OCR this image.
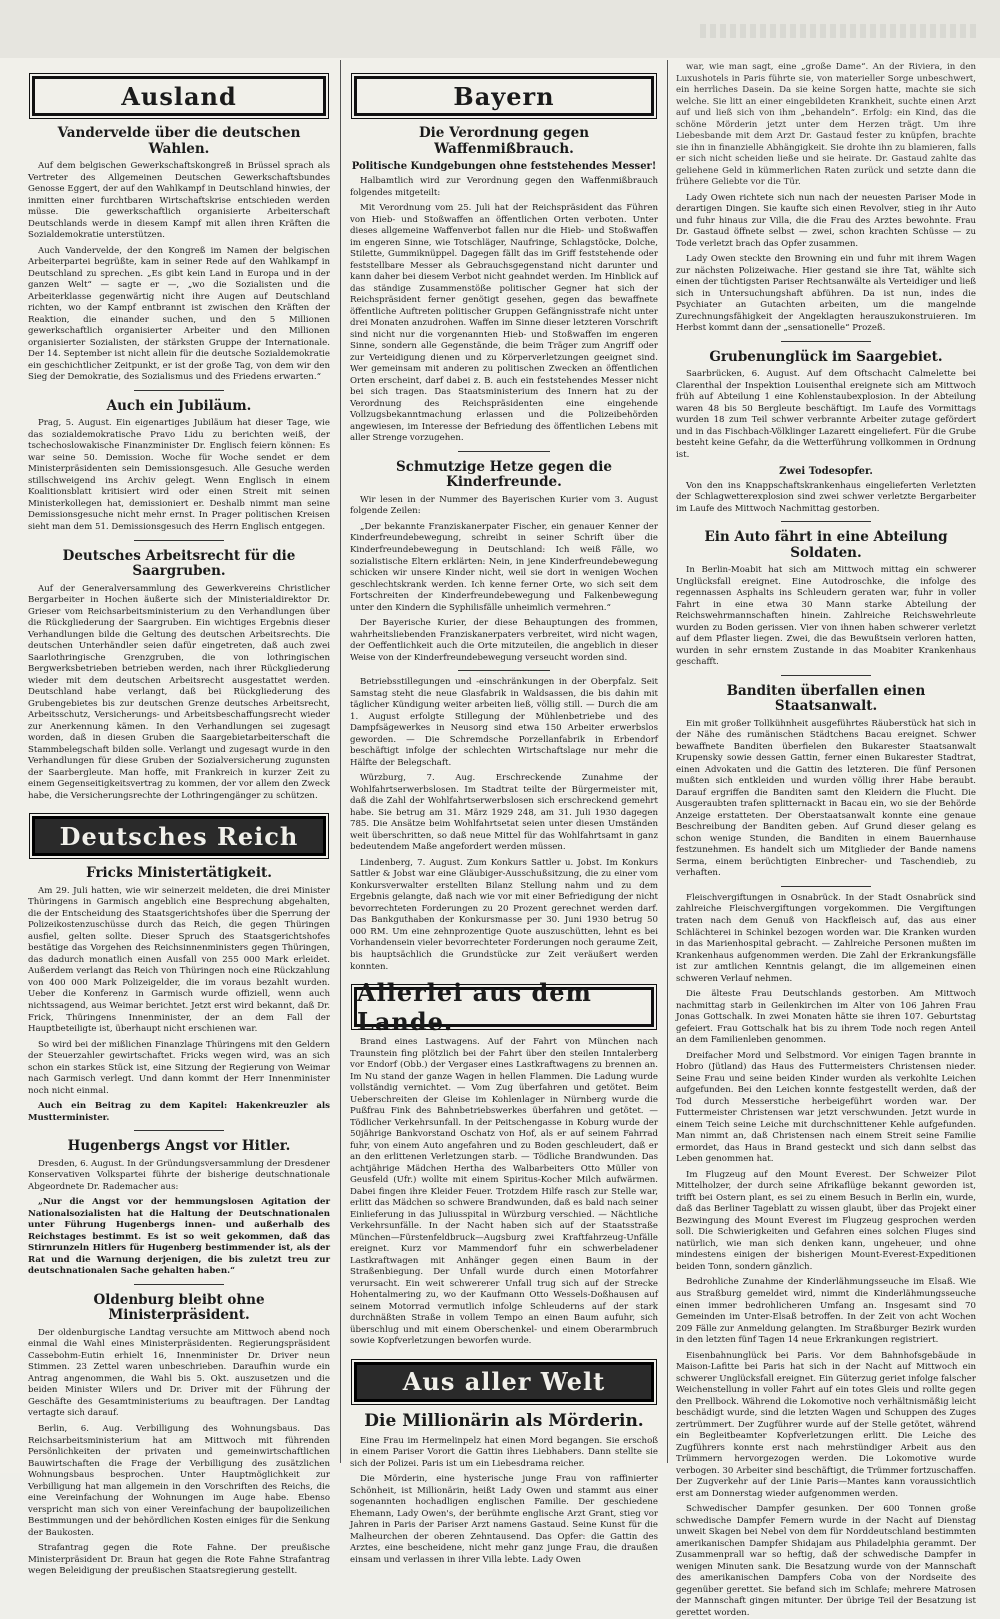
Ausland
Vandervelde über die deutschen Wahlen.

Auf dem belgischen Gewerkschaftskongreß in Brüssel sprach als Vertreter des Allgemeinen Deutschen Gewerkschaftsbundes Genosse Eggert, der auf den Wahlkampf in Deutschland hinwies, der inmitten einer furchtbaren Wirtschaftskrise entschieden werden müsse. Die gewerkschaftlich organisierte Arbeiterschaft Deutschlands werde in diesem Kampf mit allen ihren Kräften die Sozialdemokratie unterstützen.

Auch Vandervelde, der den Kongreß im Namen der belgischen Arbeiterpartei begrüßte, kam in seiner Rede auf den Wahlkampf in Deutschland zu sprechen. „Es gibt kein Land in Europa und in der ganzen Welt“ — sagte er —, „wo die Sozialisten und die Arbeiterklasse gegenwärtig nicht ihre Augen auf Deutschland richten, wo der Kampf entbrannt ist zwischen den Kräften der Reaktion, die einander suchen, und den 5 Millionen gewerkschaftlich organisierter Arbeiter und den Millionen organisierter Sozialisten, der stärksten Gruppe der Internationale. Der 14. September ist nicht allein für die deutsche Sozialdemokratie ein geschichtlicher Zeitpunkt, er ist der große Tag, von dem wir den Sieg der Demokratie, des Sozialismus und des Friedens erwarten.“

Auch ein Jubiläum.

Prag, 5. August. Ein eigenartiges Jubiläum hat dieser Tage, wie das sozialdemokratische Pravo Lidu zu berichten weiß, der tschechoslowakische Finanzminister Dr. Englisch feiern können: Es war seine 50. Demission. Woche für Woche sendet er dem Ministerpräsidenten sein Demissionsgesuch. Alle Gesuche werden stillschweigend ins Archiv gelegt. Wenn Englisch in einem Koalitionsblatt kritisiert wird oder einen Streit mit seinen Ministerkollegen hat, demissioniert er. Deshalb nimmt man seine Demissionsgesuche nicht mehr ernst. In Prager politischen Kreisen sieht man dem 51. Demissionsgesuch des Herrn Englisch entgegen.

Deutsches Arbeitsrecht für die Saargruben.

Auf der Generalversammlung des Gewerkvereins Christlicher Bergarbeiter in Hochen äußerte sich der Ministerialdirektor Dr. Grieser vom Reichsarbeitsministerium zu den Verhandlungen über die Rückgliederung der Saargruben. Ein wichtiges Ergebnis dieser Verhandlungen bilde die Geltung des deutschen Arbeitsrechts. Die deutschen Unterhändler seien dafür eingetreten, daß auch zwei Saarlothringische Grenzgruben, die von lothringischen Bergwerksbetrieben betrieben werden, nach ihrer Rückgliederung wieder mit dem deutschen Arbeitsrecht ausgestattet werden. Deutschland habe verlangt, daß bei Rückgliederung des Grubengebietes bis zur deutschen Grenze deutsches Arbeitsrecht, Arbeitsschutz, Versicherungs- und Arbeitsbeschaffungsrecht wieder zur Anerkennung kämen. In den Verhandlungen sei zugesagt worden, daß in diesen Gruben die Saargebietarbeiterschaft die Stammbelegschaft bilden solle. Verlangt und zugesagt wurde in den Verhandlungen für diese Gruben der Sozialversicherung zugunsten der Saarbergleute. Man hoffe, mit Frankreich in kurzer Zeit zu einem Gegenseitigkeitsvertrag zu kommen, der vor allem den Zweck habe, die Versicherungsrechte der Lothringengänger zu schützen.

Deutsches Reich
Fricks Ministertätigkeit.

Am 29. Juli hatten, wie wir seinerzeit meldeten, die drei Minister Thüringens in Garmisch angeblich eine Besprechung abgehalten, die der Entscheidung des Staatsgerichtshofes über die Sperrung der Polizeikostenzuschüsse durch das Reich, die gegen Thüringen ausfiel, gelten sollte. Dieser Spruch des Staatsgerichtshofes bestätige das Vorgehen des Reichsinnenministers gegen Thüringen, das dadurch monatlich einen Ausfall von 255 000 Mark erleidet. Außerdem verlangt das Reich von Thüringen noch eine Rückzahlung von 400 000 Mark Polizeigelder, die im voraus bezahlt wurden. Ueber die Konferenz in Garmisch wurde offiziell, wenn auch nichtssagend, aus Weimar berichtet. Jetzt erst wird bekannt, daß Dr. Frick, Thüringens Innenminister, der an dem Fall der Hauptbeteiligte ist, überhaupt nicht erschienen war.

So wird bei der mißlichen Finanzlage Thüringens mit den Geldern der Steuerzahler gewirtschaftet. Fricks wegen wird, was an sich schon ein starkes Stück ist, eine Sitzung der Regierung von Weimar nach Garmisch verlegt. Und dann kommt der Herr Innenminister noch nicht einmal.

Auch ein Beitrag zu dem Kapitel: Hakenkreuzler als Mustterminister.

Hugenbergs Angst vor Hitler.

Dresden, 6. August. In der Gründungsversammlung der Dresdener Konservativen Volkspartei führte der bisherige deutschnationale Abgeordnete Dr. Rademacher aus:

„Nur die Angst vor der hemmungslosen Agitation der Nationalsozialisten hat die Haltung der Deutschnationalen unter Führung Hugenbergs innen- und außerhalb des Reichstages bestimmt. Es ist so weit gekommen, daß das Stirnrunzeln Hitlers für Hugenberg bestimmender ist, als der Rat und die Warnung derjenigen, die bis zuletzt treu zur deutschnationalen Sache gehalten haben.“

Oldenburg bleibt ohne Ministerpräsident.

Der oldenburgische Landtag versuchte am Mittwoch abend noch einmal die Wahl eines Ministerpräsidenten. Regierungspräsident Cassebohm-Eutin erhielt 16, Innenminister Dr. Driver neun Stimmen. 23 Zettel waren unbeschrieben. Daraufhin wurde ein Antrag angenommen, die Wahl bis 5. Okt. auszusetzen und die beiden Minister Wilers und Dr. Driver mit der Führung der Geschäfte des Gesamtministeriums zu beauftragen. Der Landtag vertagte sich darauf.

Berlin, 6. Aug. Verbilligung des Wohnungsbaus. Das Reichsarbeitsministerium hat am Mittwoch mit führenden Persönlichkeiten der privaten und gemeinwirtschaftlichen Bauwirtschaften die Frage der Verbilligung des zusätzlichen Wohnungsbaus besprochen. Unter Hauptmöglichkeit zur Verbilligung hat man allgemein in den Vorschriften des Reichs, die eine Vereinfachung der Wohnungen im Auge habe. Ebenso verspricht man sich von einer Vereinfachung der baupolizeilichen Bestimmungen und der behördlichen Kosten einiges für die Senkung der Baukosten.

Strafantrag gegen die Rote Fahne. Der preußische Ministerpräsident Dr. Braun hat gegen die Rote Fahne Strafantrag wegen Beleidigung der preußischen Staatsregierung gestellt.

Bayern
Die Verordnung gegen Waffenmißbrauch.
Politische Kundgebungen ohne feststehendes Messer!

Halbamtlich wird zur Verordnung gegen den Waffenmißbrauch folgendes mitgeteilt:

Mit Verordnung vom 25. Juli hat der Reichspräsident das Führen von Hieb- und Stoßwaffen an öffentlichen Orten verboten. Unter dieses allgemeine Waffenverbot fallen nur die Hieb- und Stoßwaffen im engeren Sinne, wie Totschläger, Naufringe, Schlagstöcke, Dolche, Stilette, Gummiknüppel. Dagegen fällt das im Griff feststehende oder feststellbare Messer als Gebrauchsgegenstand nicht darunter und kann daher bei diesem Verbot nicht geahndet werden. Im Hinblick auf das ständige Zusammenstöße politischer Gegner hat sich der Reichspräsident ferner genötigt gesehen, gegen das bewaffnete öffentliche Auftreten politischer Gruppen Gefängnisstrafe nicht unter drei Monaten anzudrohen. Waffen im Sinne dieser letzteren Vorschrift sind nicht nur die vorgenannten Hieb- und Stoßwaffen im engeren Sinne, sondern alle Gegenstände, die beim Träger zum Angriff oder zur Verteidigung dienen und zu Körperverletzungen geeignet sind. Wer gemeinsam mit anderen zu politischen Zwecken an öffentlichen Orten erscheint, darf dabei z. B. auch ein feststehendes Messer nicht bei sich tragen. Das Staatsministerium des Innern hat zu der Verordnung des Reichspräsidenten eine eingehende Vollzugsbekanntmachung erlassen und die Polizeibehörden angewiesen, im Interesse der Befriedung des öffentlichen Lebens mit aller Strenge vorzugehen.

Schmutzige Hetze gegen die Kinderfreunde.

Wir lesen in der Nummer des Bayerischen Kurier vom 3. August folgende Zeilen:

„Der bekannte Franziskanerpater Fischer, ein genauer Kenner der Kinderfreundebewegung, schreibt in seiner Schrift über die Kinderfreundebewegung in Deutschland: Ich weiß Fälle, wo sozialistische Eltern erklärten: Nein, in jene Kinderfreundebewegung schicken wir unsere Kinder nicht, weil sie dort in wenigen Wochen geschlechtskrank werden. Ich kenne ferner Orte, wo sich seit dem Fortschreiten der Kinderfreundebewegung und Falkenbewegung unter den Kindern die Syphilisfälle unheimlich vermehren.“

Der Bayerische Kurier, der diese Behauptungen des frommen, wahrheitsliebenden Franziskanerpaters verbreitet, wird nicht wagen, der Oeffentlichkeit auch die Orte mitzuteilen, die angeblich in dieser Weise von der Kinderfreundebewegung verseucht worden sind.

Betriebsstillegungen und -einschränkungen in der Oberpfalz. Seit Samstag steht die neue Glasfabrik in Waldsassen, die bis dahin mit täglicher Kündigung weiter arbeiten ließ, völlig still. — Durch die am 1. August erfolgte Stillegung der Mühlenbetriebe und des Dampfsägewerkes in Neusorg sind etwa 150 Arbeiter erwerbslos geworden. — Die Schremdsche Porzellanfabrik in Erbendorf beschäftigt infolge der schlechten Wirtschaftslage nur mehr die Hälfte der Belegschaft.

Würzburg, 7. Aug. Erschreckende Zunahme der Wohlfahrtserwerbslosen. Im Stadtrat teilte der Bürgermeister mit, daß die Zahl der Wohlfahrtserwerbslosen sich erschreckend gemehrt habe. Sie betrug am 31. März 1929 248, am 31. Juli 1930 dagegen 785. Die Ansätze beim Wohlfahrtsetat seien unter diesen Umständen weit überschritten, so daß neue Mittel für das Wohlfahrtsamt in ganz bedeutendem Maße angefordert werden müssen.

Lindenberg, 7. August. Zum Konkurs Sattler u. Jobst. Im Konkurs Sattler & Jobst war eine Gläubiger-Ausschußsitzung, die zu einer vom Konkursverwalter erstellten Bilanz Stellung nahm und zu dem Ergebnis gelangte, daß nach wie vor mit einer Befriedigung der nicht bevorrechteten Forderungen zu 20 Prozent gerechnet werden darf. Das Bankguthaben der Konkursmasse per 30. Juni 1930 betrug 50 000 RM. Um eine zehnprozentige Quote auszuschütten, lehnt es bei Vorhandensein vieler bevorrechteter Forderungen noch geraume Zeit, bis hauptsächlich die Grundstücke zur Zeit veräußert werden konnten.

Allerlei aus dem Lande.

Brand eines Lastwagens. Auf der Fahrt von München nach Traunstein fing plötzlich bei der Fahrt über den steilen Inntalerberg vor Endorf (Obb.) der Vergaser eines Lastkraftwagens zu brennen an. Im Nu stand der ganze Wagen in hellen Flammen. Die Ladung wurde vollständig vernichtet. — Vom Zug überfahren und getötet. Beim Ueberschreiten der Gleise im Kohlenlager in Nürnberg wurde die Pußfrau Fink des Bahnbetriebswerkes überfahren und getötet. — Tödlicher Verkehrsunfall. In der Peitschengasse in Koburg wurde der 50jährige Bankvorstand Oschatz von Hof, als er auf seinem Fahrrad fuhr, von einem Auto angefahren und zu Boden geschleudert, daß er an den erlittenen Verletzungen starb. — Tödliche Brandwunden. Das achtjährige Mädchen Hertha des Walbarbeiters Otto Müller von Geusfeld (Ufr.) wollte mit einem Spiritus-Kocher Milch aufwärmen. Dabei fingen ihre Kleider Feuer. Trotzdem Hilfe rasch zur Stelle war, erlitt das Mädchen so schwere Brandwunden, daß es bald nach seiner Einlieferung in das Juliusspital in Würzburg verschied. — Nächtliche Verkehrsunfälle. In der Nacht haben sich auf der Staatsstraße München—Fürstenfeldbruck—Augsburg zwei Kraftfahrzeug-Unfälle ereignet. Kurz vor Mammendorf fuhr ein schwerbeladener Lastkraftwagen mit Anhänger gegen einen Baum in der Straßenbiegung. Der Unfall wurde durch einen Motorfahrer verursacht. Ein weit schwererer Unfall trug sich auf der Strecke Hohentalmering zu, wo der Kaufmann Otto Wessels-Doßhausen auf seinem Motorrad vermutlich infolge Schleuderns auf der stark durchnäßten Straße in vollem Tempo an einen Baum aufuhr, sich überschlug und mit einem Oberschenkel- und einem Oberarmbruch sowie Kopfverletzungen beworfen wurde.

Aus aller Welt
Die Millionärin als Mörderin.

Eine Frau im Hermelinpelz hat einen Mord begangen. Sie erschoß in einem Pariser Vorort die Gattin ihres Liebhabers. Dann stellte sie sich der Polizei. Paris ist um ein Liebesdrama reicher.

Die Mörderin, eine hysterische junge Frau von raffinierter Schönheit, ist Millionärin, heißt Lady Owen und stammt aus einer sogenannten hochadligen englischen Familie. Der geschiedene Ehemann, Lady Owen's, der berühmte englische Arzt Grant, stieg vor Jahren in Paris der Pariser Arzt namens Gastaud. Seine Kunst für die Malheurchen der oberen Zehntausend. Das Opfer: die Gattin des Arztes, eine bescheidene, nicht mehr ganz junge Frau, die draußen einsam und verlassen in ihrer Villa lebte. Lady Owen

war, wie man sagt, eine „große Dame“. An der Riviera, in den Luxushotels in Paris führte sie, von materieller Sorge unbeschwert, ein herrliches Dasein. Da sie keine Sorgen hatte, machte sie sich welche. Sie litt an einer eingebildeten Krankheit, suchte einen Arzt auf und ließ sich von ihm „behandeln“. Erfolg: ein Kind, das die schöne Mörderin jetzt unter dem Herzen trägt. Um ihre Liebesbande mit dem Arzt Dr. Gastaud fester zu knüpfen, brachte sie ihn in finanzielle Abhängigkeit. Sie drohte ihn zu blamieren, falls er sich nicht scheiden ließe und sie heirate. Dr. Gastaud zahlte das geliehene Geld in kümmerlichen Raten zurück und setzte dann die frühere Geliebte vor die Tür.

Lady Owen richtete sich nun nach der neuesten Pariser Mode in derartigen Dingen. Sie kaufte sich einen Revolver, stieg in ihr Auto und fuhr hinaus zur Villa, die die Frau des Arztes bewohnte. Frau Dr. Gastaud öffnete selbst — zwei, schon krachten Schüsse — zu Tode verletzt brach das Opfer zusammen.

Lady Owen steckte den Browning ein und fuhr mit ihrem Wagen zur nächsten Polizeiwache. Hier gestand sie ihre Tat, wählte sich einen der tüchtigsten Pariser Rechtsanwälte als Verteidiger und ließ sich in Untersuchungshaft abführen. Da ist nun, indes die Psychiater an Gutachten arbeiten, um die mangelnde Zurechnungsfähigkeit der Angeklagten herauszukonstruieren. Im Herbst kommt dann der „sensationelle“ Prozeß.

Grubenunglück im Saargebiet.

Saarbrücken, 6. August. Auf dem Oftschacht Calmelette bei Clarenthal der Inspektion Louisenthal ereignete sich am Mittwoch früh auf Abteilung 1 eine Kohlenstaubexplosion. In der Abteilung waren 48 bis 50 Bergleute beschäftigt. Im Laufe des Vormittags wurden 18 zum Teil schwer verbrannte Arbeiter zutage gefördert und in das Fischbach-Völklinger Lazarett eingeliefert. Für die Grube besteht keine Gefahr, da die Wetterführung vollkommen in Ordnung ist.

Zwei Todesopfer.

Von den ins Knappschaftskrankenhaus eingelieferten Verletzten der Schlagwetterexplosion sind zwei schwer verletzte Bergarbeiter im Laufe des Mittwoch Nachmittag gestorben.

Ein Auto fährt in eine Abteilung Soldaten.

In Berlin-Moabit hat sich am Mittwoch mittag ein schwerer Unglücksfall ereignet. Eine Autodroschke, die infolge des regennassen Asphalts ins Schleudern geraten war, fuhr in voller Fahrt in eine etwa 30 Mann starke Abteilung der Reichswehrmannschaften hinein. Zahlreiche Reichswehrleute wurden zu Boden gerissen. Vier von ihnen haben schwerer verletzt auf dem Pflaster liegen. Zwei, die das Bewußtsein verloren hatten, wurden in sehr ernstem Zustande in das Moabiter Krankenhaus geschafft.

Banditen überfallen einen Staatsanwalt.

Ein mit großer Tollkühnheit ausgeführtes Räuberstück hat sich in der Nähe des rumänischen Städtchens Bacau ereignet. Schwer bewaffnete Banditen überfielen den Bukarester Staatsanwalt Krupensky sowie dessen Gattin, ferner einen Bukarester Stadtrat, einen Advokaten und die Gattin des letzteren. Die fünf Personen mußten sich entkleiden und wurden völlig ihrer Habe beraubt. Darauf ergriffen die Banditen samt den Kleidern die Flucht. Die Ausgeraubten trafen splitternackt in Bacau ein, wo sie der Behörde Anzeige erstatteten. Der Oberstaatsanwalt konnte eine genaue Beschreibung der Banditen geben. Auf Grund dieser gelang es schon wenige Stunden, die Banditen in einem Bauernhause festzunehmen. Es handelt sich um Mitglieder der Bande namens Serma, einem berüchtigten Einbrecher- und Taschendieb, zu verhaften.

Fleischvergiftungen in Osnabrück. In der Stadt Osnabrück sind zahlreiche Fleischvergiftungen vorgekommen. Die Vergiftungen traten nach dem Genuß von Hackfleisch auf, das aus einer Schlächterei in Schinkel bezogen worden war. Die Kranken wurden in das Marienhospital gebracht. — Zahlreiche Personen mußten im Krankenhaus aufgenommen werden. Die Zahl der Erkrankungsfälle ist zur amtlichen Kenntnis gelangt, die im allgemeinen einen schweren Verlauf nehmen.

Die älteste Frau Deutschlands gestorben. Am Mittwoch nachmittag starb in Geilenkirchen im Alter von 106 Jahren Frau Jonas Gottschalk. In zwei Monaten hätte sie ihren 107. Geburtstag gefeiert. Frau Gottschalk hat bis zu ihrem Tode noch regen Anteil an dem Familienleben genommen.

Dreifacher Mord und Selbstmord. Vor einigen Tagen brannte in Hobro (Jütland) das Haus des Futtermeisters Christensen nieder. Seine Frau und seine beiden Kinder wurden als verkohlte Leichen aufgefunden. Bei den Leichen konnte festgestellt werden, daß der Tod durch Messerstiche herbeigeführt worden war. Der Futtermeister Christensen war jetzt verschwunden. Jetzt wurde in einem Teich seine Leiche mit durchschnittener Kehle aufgefunden. Man nimmt an, daß Christensen nach einem Streit seine Familie ermordet, das Haus in Brand gesteckt und sich dann selbst das Leben genommen hat.

Im Flugzeug auf den Mount Everest. Der Schweizer Pilot Mittelholzer, der durch seine Afrikaflüge bekannt geworden ist, trifft bei Ostern plant, es sei zu einem Besuch in Berlin ein, wurde, daß das Berliner Tageblatt zu wissen glaubt, über das Projekt einer Bezwingung des Mount Everest im Flugzeug gesprochen werden soll. Die Schwierigkeiten und Gefahren eines solchen Fluges sind natürlich, wie man sich denken kann, ungeheuer, und ohne mindestens einigen der bisherigen Mount-Everest-Expeditionen beiden Tonn, sondern gänzlich.

Bedrohliche Zunahme der Kinderlähmungsseuche im Elsaß. Wie aus Straßburg gemeldet wird, nimmt die Kinderlähmungsseuche einen immer bedrohlicheren Umfang an. Insgesamt sind 70 Gemeinden im Unter-Elsaß betroffen. In der Zeit von acht Wochen 209 Fälle zur Anmeldung gelangten. Im Straßburger Bezirk wurden in den letzten fünf Tagen 14 neue Erkrankungen registriert.

Eisenbahnunglück bei Paris. Vor dem Bahnhofsgebäude in Maison-Lafitte bei Paris hat sich in der Nacht auf Mittwoch ein schwerer Unglücksfall ereignet. Ein Güterzug geriet infolge falscher Weichenstellung in voller Fahrt auf ein totes Gleis und rollte gegen den Prellbock. Während die Lokomotive noch verhältnismäßig leicht beschädigt wurde, sind die letzten Wagen und Schuppen des Zuges zertrümmert. Der Zugführer wurde auf der Stelle getötet, während ein Begleitbeamter Kopfverletzungen erlitt. Die Leiche des Zugführers konnte erst nach mehrstündiger Arbeit aus den Trümmern hervorgezogen werden. Die Lokomotive wurde verbogen. 30 Arbeiter sind beschäftigt, die Trümmer fortzuschaffen. Der Zugverkehr auf der Linie Paris—Mantes kann voraussichtlich erst am Donnerstag wieder aufgenommen werden.

Schwedischer Dampfer gesunken. Der 600 Tonnen große schwedische Dampfer Femern wurde in der Nacht auf Dienstag unweit Skagen bei Nebel von dem für Norddeutschland bestimmten amerikanischen Dampfer Shidajam aus Philadelphia gerammt. Der Zusammenprall war so heftig, daß der schwedische Dampfer in wenigen Minuten sank. Die Besatzung wurde von der Mannschaft des amerikanischen Dampfers Coba von der Nordseite des gegenüber gerettet. Sie befand sich im Schlafe; mehrere Matrosen der Mannschaft gingen mitunter. Der übrige Teil der Besatzung ist gerettet worden.
